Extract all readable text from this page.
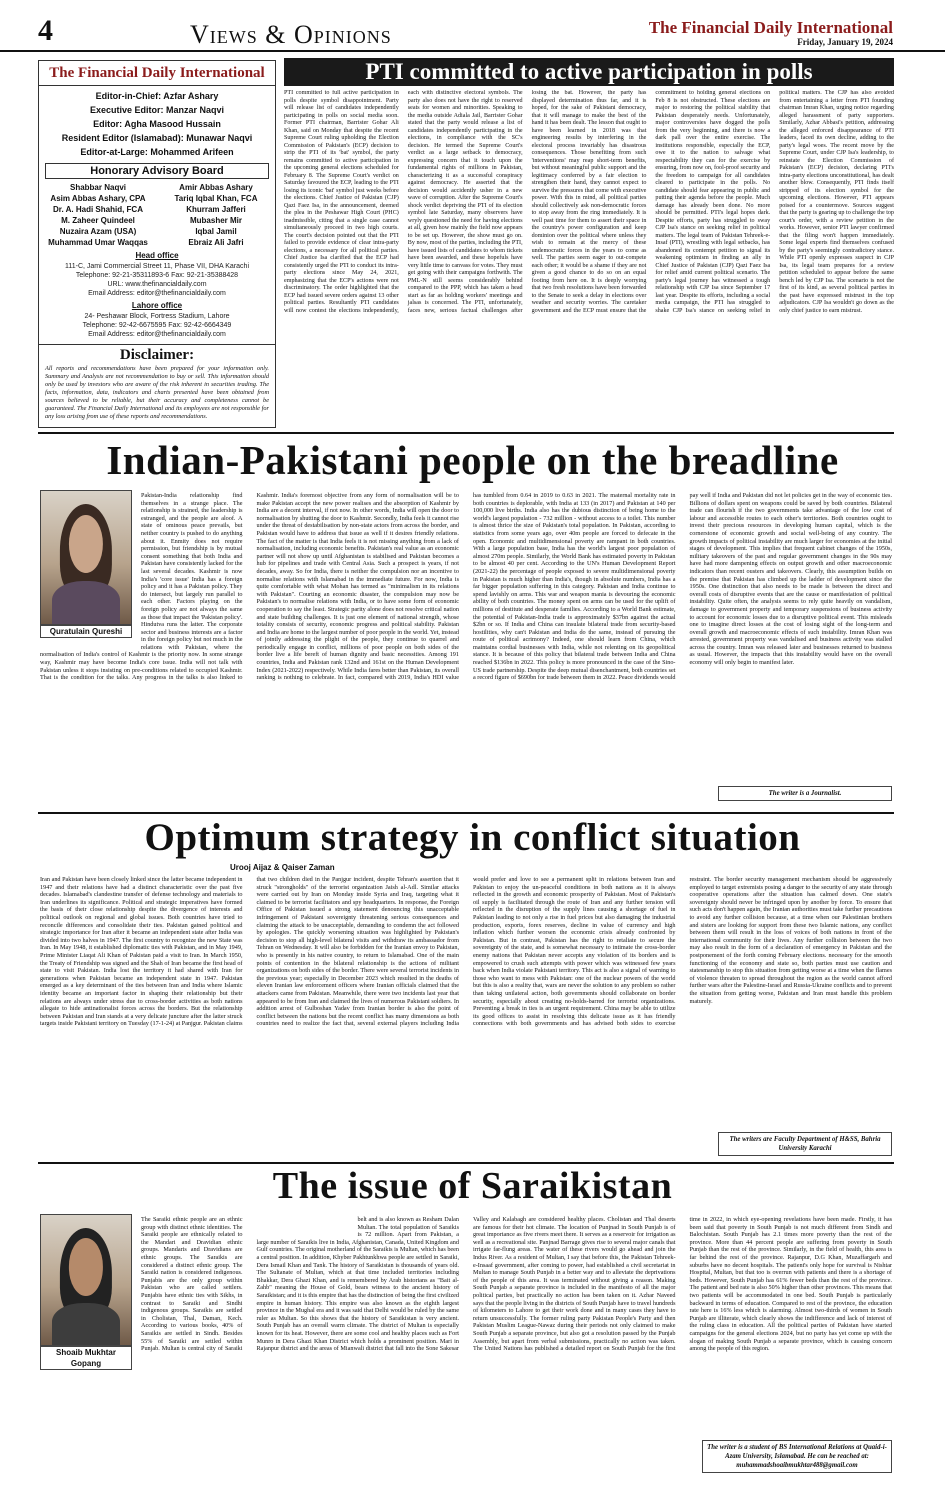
4	Views & Opinions	The Financial Daily International
Friday, January 19, 2024
The Financial Daily International
Editor-in-Chief: Azfar Ashary
Executive Editor: Manzar Naqvi
Editor: Agha Masood Hussain
Resident Editor (Islamabad): Munawar Naqvi
Editor-at-Large: Mohammed Arifeen
Honorary Advisory Board
Shabbar Naqvi
Asim Abbas Ashary, CPA
Dr. A. Hadi Shahid, FCA
M. Zaheer Quindeel
Nuzaira Azam (USA)
Muhammad Umar Waqqas
Amir Abbas Ashary
Tariq Iqbal Khan, FCA
Khurram Jafferi
Mubasher Mir
Iqbal Jamil
Ebraiz Ali Jafri
Head office
111-C, Jami Commercial Street 11, Phase VII, DHA Karachi
Telephone: 92-21-35311893-6 Fax: 92-21-35388428
URL: www.thefinancialdaily.com
Email Address: editor@thefinancialdaily.com
Lahore office
24- Peshawar Block, Fortress Stadium, Lahore
Telephone: 92-42-6675595 Fax: 92-42-6664349
Email Address: editor@thefinancialdaily.com
Disclaimer:
All reports and recommendations have been prepared for your information only. Summary and Analysis are not recommendation to buy or sell. This information should only be used by investors who are aware of the risk inherent in securities trading. The facts, information, data, indicators and charts presented have been obtained from sources believed to be reliable, but their accuracy and completeness cannot be guaranteed. The Financial Daily International and its employees are not responsible for any loss arising from use of these reports and recommendations.
PTI committed to active participation in polls
PTI committed to full active participation in polls despite symbol disappointment. Party will release list of candidates independently participating in polls on social media soon. Former PTI chairman, Barrister Gohar Ali Khan, said on Monday that despite the recent Supreme Court ruling upholding the Election Commission of Pakistan's (ECP) decision to strip the PTI of its 'bat' symbol, the party remains committed to active participation in the upcoming general elections scheduled for February 8. The Supreme Court's verdict on Saturday favoured the ECP, leading to the PTI losing its iconic 'bat' symbol just weeks before the elections. Chief Justice of Pakistan (CJP) Qazi Faez Isa, in the announcement, deemed the plea in the Peshawar High Court (PHC) inadmissible, citing that a single case cannot simultaneously proceed in two high courts. The court's decision pointed out that the PTI failed to provide evidence of clear intra-party elections, a necessary for all political parties. Chief Justice Isa clarified that the ECP had consistently urged the PTI to conduct its intra-party elections since May 24, 2021, emphasizing that the ECP's actions were not discriminatory. The order highlighted that the ECP had issued severe orders against 13 other political parties. Resultantly PTI candidates will now contest the elections independently, each with distinctive electoral symbols. The party also does not have the right to reserved seats for women and minorities. Speaking to the media outside Adiala Jail, Barrister Gohar stated that the party would release a list of candidates independently participating in the elections, in compliance with the SC's decision. He termed the Supreme Court's verdict as a large setback to democracy, expressing concern that it touch upon the fundamental rights of millions in Pakistan, characterizing it as a successful conspiracy against democracy. He asserted that the decision would accidently usher in a new wave of corruption. After the Supreme Court's shock verdict depriving the PTI of its election symbol late Saturday, many observers have wryly questioned the need for having elections at all, given how mainly the field now appears to be set up. However, the show must go on. By now, most of the parties, including the PTI, have issued lists of candidates to whom tickets have been awarded, and these hopefuls have very little time to canvass for votes. They must get going with their campaigns forthwith. The PML-N still seems considerably behind compared to the PPP, which has taken a head start as far as holding workers' meetings and jalsas is concerned. The PTI, unfortunately, faces new, serious factual challenges after losing the bat. However, the party has displayed determination thus far, and it is hoped, for the sake of Pakistani democracy, that it will manage to make the best of the hand it has been dealt. The lesson that ought to have been learned in 2018 was that engineering results by interfering in the electoral process invariably has disastrous consequences. Those benefiting from such 'interventions' may reap short-term benefits, but without meaningful public support and the legitimacy conferred by a fair election to strengthen their hand, they cannot expect to survive the pressures that come with executive power. With this in mind, all political parties should collectively ask non-democratic forces to stop away from the ring immediately. It is well past time for them to assert their space in the country's power configuration and keep dominion over the political where unless they wish to remain at the mercy of these undemocratic forces in the years to come as well. The parties seem eager to out-compete each other; it would be a shame if they are not given a good chance to do so on an equal footing from here on. It is deeply worrying that two fresh resolutions have been forwarded to the Senate to seek a delay in elections over weather and security worries. The caretaker government and the ECP must ensure that the commitment to holding general elections on Feb 8 is not obstructed. These elections are major to restoring the political stability that Pakistan desperately needs. Unfortunately, major controversies have dogged the polls from the very beginning, and there is now a dark pall over the entire exercise. The institutions responsible, especially the ECP, owe it to the nation to salvage what respectability they can for the exercise by ensuring, from now on, fool-proof security and the freedom to campaign for all candidates cleared to participate in the polls. No candidate should fear appearing in public and putting their agenda before the people. Much damage has already been done. No more should be permitted. PTI's legal hopes dark. Despite efforts, party has struggled to sway CJP Isa's stance on seeking relief in political matters. The legal team of Pakistan Tehreek-e-Insaf (PTI), wrestling with legal setbacks, has abandoned its contempt petition to signal its weakening optimism in finding an ally in Chief Justice of Pakistan (CJP) Qazi Faez Isa for relief amid current political scenario. The party's legal journey has witnessed a tough relationship with CJP Isa since September 17 last year. Despite its efforts, including a social media campaign, the PTI has struggled to shake CJP Isa's stance on seeking relief in political matters. The CJP has also avoided from entertaining a letter from PTI founding chairman Imran Khan, urging notice regarding alleged harassment of party supporters. Similarly, Azhar Abbasi's petition, addressing the alleged enforced disappearance of PTI leaders, faced its own decline, adding to the party's legal woes. The recent move by the Supreme Court, under CJP Isa's leadership, to reinstate the Election Commission of Pakistan's (ECP) decision, declaring PTI's intra-party elections unconstitutional, has dealt another blow. Consequently, PTI finds itself stripped of its election symbol for the upcoming elections. However, PTI appears poised for a countermove. Sources suggest that the party is gearing up to challenge the top court's order, with a review petition in the works. However, senior PTI lawyer confirmed that the filing won't happen immediately. Some legal experts find themselves confused by the party's seemingly contradictory stance. While PTI openly expresses suspect in CJP Isa, its legal team prepares for a review petition scheduled to appear before the same bench led by CJP Isa. The scenario is not the first of its kind, as several political parties in the past have expressed mistrust in the top adjudicators. CJP Isa wouldn't go down as the only chief justice to earn mistrust.
Indian-Pakistani people on the breadline
Quratulain Qureshi
Pakistan-India relationship find themselves in a strange place. The relationship is strained, the leadership is estranged, and the people are aloof. A state of ominous peace prevails, but neither country is pushed to do anything about it. Enmity does not require permission, but friendship is by mutual consent something that both India and Pakistan have consistently lacked for the last several decades. Kashmir is now India's 'core issue' India has a foreign policy and it has a Pakistan policy. They do intersect, but largely run parallel to each other. Factors playing on the foreign policy are not always the same as those that impact the 'Pakistan policy'. Hindutva runs the latter. The corporate sector and business interests are a factor in the foreign policy but not much in the relations with Pakistan, where the normalisation of India's control of Kashmir is the priority now. In some strange way, Kashmir may have become India's core issue. India will not talk with Pakistan unless it stops insisting on pre-conditions related to occupied Kashmir. That is the condition for the talks. Any progress in the talks is also linked to Kashmir. India's foremost objective from any form of normalisation will be to make Pakistan accept the new power realises and the absorption of Kashmir by India are a decent interval, if not now. In other words, India will open the door to normalisation by shutting the door to Kashmir. Secondly, India feels it cannot rise under the threat of destabilisation by non-state actors from across the border, and Pakistan would have to address that issue as well if it desires friendly relations. The fact of the matter is that India feels it is not missing anything from a lack of normalisation, including economic benefits. Pakistan's real value as an economic partner will not show up until Afghanistan is stabilised and Pakistan becomes a hub for pipelines and trade with Central Asia. Such a prospect is years, if not decades, away. So for India, there is neither the compulsion nor an incentive to normalise relations with Islamabad in the immediate future. For now, India is quite comfortable with what Mohan has termed as "minimalism in its relations with Pakistan". Courting an economic disaster, the compulsion may now be Pakistan's to normalise relations with India, or to have some form of economic cooperation to say the least. Strategic parity alone does not resolve critical nation and state building challenges. It is just one element of national strength, whose totality consists of security, economic progress and political stability. Pakistan and India are home to the largest number of poor people in the world. Yet, instead of jointly addressing the plight of the people, they continue to quarrel and periodically engage in conflict, millions of poor people on both sides of the border live a life bereft of human dignity and basic necessities. Among 191 countries, India and Pakistan rank 132nd and 161st on the Human Development Index (2021-2022) respectively. While India fares better than Pakistan, its overall ranking is nothing to celebrate. In fact, compared with 2019, India's HDI value has tumbled from 0.64 in 2019 to 0.63 in 2021. The maternal mortality rate in both countries is deplorable, with India at 133 (in 2017) and Pakistan at 140 per 100,000 live births. India also has the dubious distinction of being home to the world's largest population - 732 million - without access to a toilet. This number is almost thrice the size of Pakistan's total population. In Pakistan, according to statistics from some years ago, over 40m people are forced to defecate in the open. Economic and multidimensional poverty are rampant in both countries. With a large population base, India has the world's largest poor population of almost 270m people. Similarly, the World Bank has estimated poverty in Pakistan to be almost 40 per cent. According to the UN's Human Development Report (2021-22) the percentage of people exposed to severe multidimensional poverty in Pakistan is much higher than India's, though in absolute numbers, India has a far bigger population suffering in this category. Pakistan and India continue to spend lavishly on arms. This war and weapon mania is devouring the economic ability of both countries. The money spent on arms can be used for the uplift of millions of destitute and desperate families. According to a World Bank estimate, the potential of Pakistan-India trade is approximately $37bn against the actual $2bn or so. If India and China can insulate bilateral trade from security-based hostilities, why can't Pakistan and India do the same, instead of pursuing the route of political acrimony? Indeed, one should learn from China, which maintains cordial businesses with India, while not relenting on its geopolitical stance. It is because of this policy that bilateral trade between India and China reached $136bn in 2022. This policy is more pronounced in the case of the Sino-US trade partnership. Despite the deep mutual disenchantment, both countries set a record figure of $690bn for trade between them in 2022. Peace dividends would pay well if India and Pakistan did not let policies get in the way of economic ties. Billions of dollars spent on weapons could be saved by both countries. Bilateral trade can flourish if the two governments take advantage of the low cost of labour and accessible routes to each other's territories. Both countries ought to invest their precious resources in developing human capital, which is the cornerstone of economic growth and social well-being of any country. The growth impacts of political instability are much larger for economies at the initial stages of development. This implies that frequent cabinet changes of the 1950s, military takeovers of the past and regular government changes in the 90s may have had more dampening effects on output growth and other macroeconomic indicators than recent ousters and takeovers. Clearly, this assumption builds on the premise that Pakistan has climbed up the ladder of development since the 1950s. One distinction that also needs to be made is between the direct and overall costs of disruptive events that are the cause or manifestation of political instability. Quite often, the analysis seems to rely quite heavily on vandalism, damage to government property and temporary suspensions of business activity to account for economic losses due to a disruptive political event. This misleads one to imagine direct losses at the cost of losing sight of the long-term and overall growth and macroeconomic effects of such instability. Imran Khan was arrested, government property was vandalised and business activity was stalled across the country. Imran was released later and businesses returned to business as usual. However, the impacts that this instability would have on the overall economy will only begin to manifest later.
The writer is a Journalist.
Optimum strategy in conflict situation
Urooj Aijaz & Qaiser Zaman
Iran and Pakistan have been closely linked since the latter became independent in 1947 and their relations have had a distinct characteristic over the past five decades. Islamabad's clandestine transfer of defense technology and materials to Iran underlines its significance. Political and strategic imperatives have formed the basis of their close relationship despite the divergence of interests and political outlook on regional and global issues. Both countries have tried to reconcile differences and consolidate their ties. Pakistan gained political and strategic importance for Iran after it became an independent state after India was divided into two halves in 1947. The first country to recognize the new State was Iran. In May 1948, it established diplomatic ties with Pakistan, and in May 1949, Prime Minister Liaqat Ali Khan of Pakistan paid a visit to Iran. In March 1950, the Treaty of Friendship was signed and the Shah of Iran became the first head of state to visit Pakistan. India lost the territory it had shared with Iran for generations when Pakistan became an independent state in 1947. Pakistan emerged as a key determinant of the ties between Iran and India where Islamic identity became an important factor in shaping their relationship but their relations are always under stress due to cross-border activities as both nations allegate to hide antinationalist forces across the borders. But the relationship between Pakistan and Iran stands at a very delicate juncture after the latter struck targets inside Pakistani territory on Tuesday (17-1-24) at Panjgur. Pakistan claims that two children died in the Panjgur incident, despite Tehran's assertion that it struck "strongholds" of the terrorist organization Jaish al-Adl. Similar attacks were carried out by Iran on Monday inside Syria and Iraq, targeting what it claimed to be terrorist facilitators and spy headquarters. In response, the Foreign Office of Pakistan issued a strong statement denouncing this unacceptable infringement of Pakistani sovereignty threatening serious consequences and claiming the attack to be unacceptable, demanding to condemn the act followed by apologies. The quickly worsening situation was highlighted by Pakistan's decision to stop all high-level bilateral visits and withdraw its ambassador from Tehran on Wednesday. It will also be forbidden for the Iranian envoy to Pakistan, who is presently in his native country, to return to Islamabad. One of the main points of contention in the bilateral relationship is the actions of militant organizations on both sides of the border. There were several terrorist incidents in the previous year; especially in December 2023 which resulted in the deaths of eleven Iranian law enforcement officers where Iranian officials claimed that the attackers came from Pakistan. Meanwhile, there were two incidents last year that appeared to be from Iran and claimed the lives of numerous Pakistani soldiers. In addition arrest of Gulboshan Yadav from Iranian border is also the point of conflict between the nations but the recent conflict has many dimensions as both countries need to realize the fact that, several external players including India would prefer and love to see a permanent split in relations between Iran and Pakistan to enjoy the un-peaceful conditions in both nations as it is always reflected in the growth and economic prosperity of Pakistan. Most of Pakistan's oil supply is facilitated through the route of Iran and any further tension will reflected in the disruption of the supply lines causing a shortage of fuel in Pakistan leading to not only a rise in fuel prices but also damaging the industrial production, exports, forex reserves, decline in value of currency and high inflation which further worsen the economic crisis already confronted by Pakistan. But in contrast, Pakistan has the right to retaliate to secure the sovereignty of the state, and is somewhat necessary to intimate the cross-border enemy nations that Pakistan never accepts any violation of its borders and is empowered to crush such attempts with power which was witnessed few years back when India violate Pakistani territory. This act is also a signal of warning to those who want to mess with Pakistan: one of the nuclear powers of the world but this is also a reality that, wars are never the solution to any problem so rather than taking unilateral action, both governments should collaborate on border security, especially about creating no-holds-barred for terrorist organizations. Preventing a break in ties is an urgent requirement. China may be able to utilize its good offices to assist in resolving this delicate issue as it has friendly connections with both governments and has advised both sides to exercise restraint. The border security management mechanism should be aggressively employed to target extremists posing a danger to the security of any state through cooperative operations after the situation has calmed down. One state's sovereignty should never be infringed upon by another by force. To ensure that such acts don't happen again, the Iranian authorities must take further precautions to avoid any further collision because, at a time when our Palestinian brothers and sisters are looking for support from these two Islamic nations, any conflict between them will result in the loss of voices of both nations in front of the international community for their lives. Any further collision between the two may also result in the form of a declaration of emergency in Pakistan and the postponement of the forth coming February elections. necessary for the smooth functioning of the economy and state so, both parties must use caution and statesmanship to stop this situation from getting worse at a time when the flames of violence threaten to spread throughout the region as the world cannot afford further wars after the Palestine-Israel and Russia-Ukraine conflicts and to prevent the situation from getting worse, Pakistan and Iran must handle this problem maturely.
The writers are Faculty Department of H&SS, Bahria University Karachi
The issue of Saraikistan
Shoaib Mukhtar Gopang
The Saraiki ethnic people are an ethnic group with distinct ethnic identities. The Saraiki people are ethnically related to the Mandari and Dravidian ethnic groups. Mandaris and Dravidians are ethnic groups. The Saraikis are considered a distinct ethnic group. The Saraiki nation is considered indigenous. Punjabis are the only group within Pakistan who are called settlers. Punjabis have ethnic ties with Sikhs, in contrast to Saraiki and Sindhi indigenous groups. Saraikis are settled in Cholistan, Thal, Daman, Kech. According to various books, 40% of Saraikis are settled in Sindh. Besides 55% of Saraiki are settled within Punjab. Multan is central city of Saraiki belt and is also known as Resham Dalan Multan. The total population of Saraikis is 72 million. Apart from Pakistan, a large number of Saraikis live in India, Afghanistan, Canada, United Kingdom and Gulf countries. The original motherland of the Saraikis is Multan, which has been a central position. In addition, Khyber Pakhtunkhwa people are settled in Saraiki, Dera Ismail Khan and Tank. The history of Saraikistan is thousands of years old. The Sultanate of Multan, which at that time included territories including Bhakkar, Dera Ghazi Khan, and is remembered by Arab historians as "Bait al-Zahb" meaning the House of Gold, bears witness to the ancient history of Saraikistan; and it is this empire that has the distinction of being the first civilized empire in human history. This empire was also known as the eighth largest province in the Mughal era and it was said that Delhi would be ruled by the same ruler as Multan. So this shows that the history of Saraikistan is very ancient. South Punjab has an overall warm climate. The district of Multan is especially known for its heat. However, there are some cool and healthy places such as Fort Munro in Dera Ghazi Khan District which holds a prominent position. Mari in Rajanpur district and the areas of Mianwali district that fall into the Sone Sakesar Valley and Kalabagh are considered healthy places. Cholistan and Thal deserts are famous for their hot climate. The location of Punjnad in South Punjab is of great importance as five rivers meet there. It serves as a reservoir for irrigation as well as a recreational site. Panjnad Barrage gives rise to several major canals that irrigate far-flung areas. The water of these rivers would go ahead and join the Indus River. As a resident of Multan, I say that before this, the Pakistan Tehreek-e-Insaaf government, after coming to power, had established a civil secretariat in Multan to manage South Punjab in a better way and to alleviate the deprivations of the people of this area. It was terminated without giving a reason. Making South Punjab a separate province is included in the manifesto of all the major political parties, but practically no action has been taken on it. Azhar Naveed says that the people living in the districts of South Punjab have to travel hundreds of kilometers to Lahore to get their work done and in many cases they have to return unsuccessfully. The former ruling party Pakistan People's Party and then Pakistan Muslim League-Nawaz during their periods not only claimed to make South Punjab a separate province, but also got a resolution passed by the Punjab Assembly, but apart from verbal submissions, practically no action was taken. The United Nations has published a detailed report on South Punjab for the first time in 2022, in which eye-opening revelations have been made. Firstly, it has been said that poverty in South Punjab is not much different from Sindh and Balochistan. South Punjab has 2.1 times more poverty than the rest of the province. More than 44 percent people are suffering from poverty in South Punjab than the rest of the province. Similarly, in the field of health, this area is far behind the rest of the province. Rajanpur, D.G Khan, Muzaffargarh and suburbs have no decent hospitals. The patient's only hope for survival is Nishtar Hospital, Multan, but that too is overrun with patients and there is a shortage of beds. However, South Punjab has 61% fewer beds than the rest of the province. The patient and bed rate is also 50% higher than other provinces. This means that two patients will be accommodated in one bed. South Punjab is particularly backward in terms of education. Compared to rest of the province, the education rate here is 16% less which is alarming. Almost two-thirds of women in South Punjab are illiterate, which clearly shows the indifference and lack of interest of the ruling class in education. All the political parties of Pakistan have started campaigns for the general elections 2024, but no party has yet come up with the slogan of making South Punjab a separate province, which is causing concern among the people of this region.
The writer is a student of BS International Relations at Quaid-i-Azam University, Islamabad. He can be reached at: muhammadshoaibmukhtar488@gmail.com
